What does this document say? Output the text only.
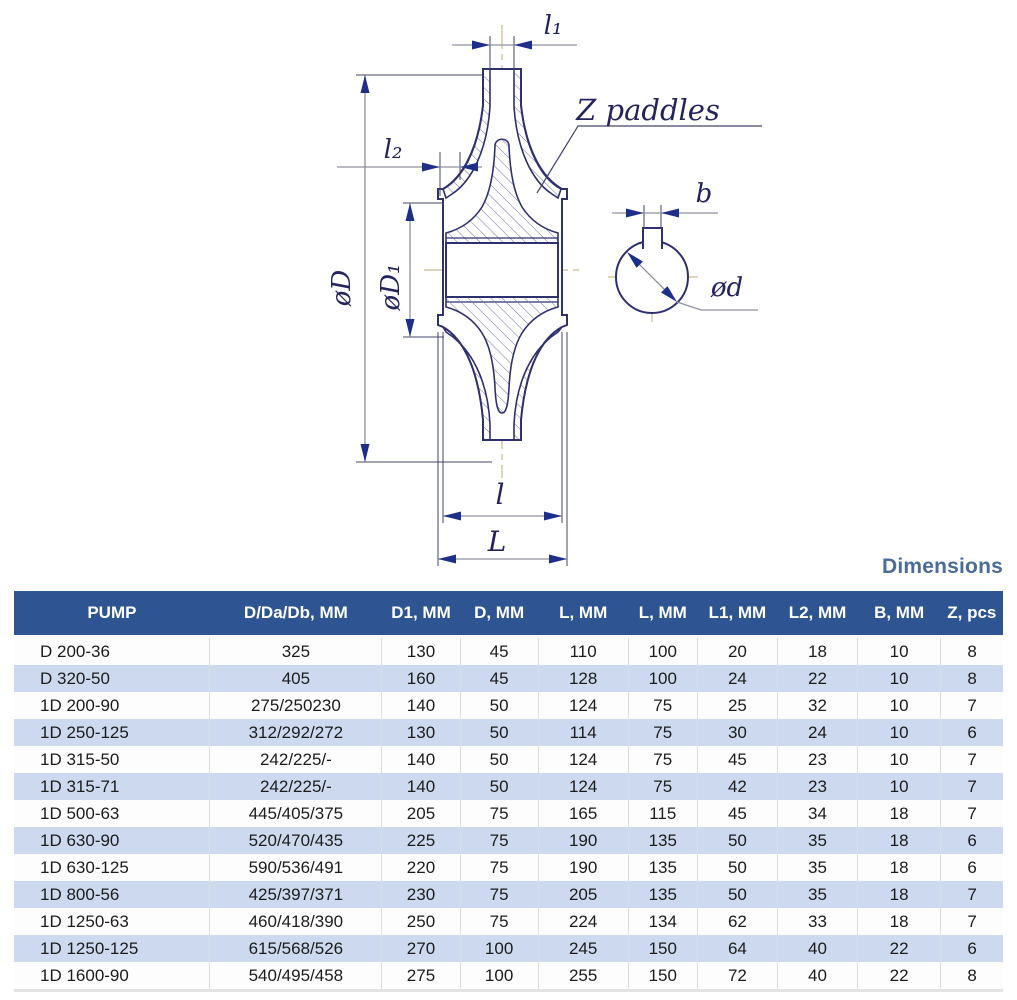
l₁
l₂
øD øD₁
Z paddles
b
ød
l
L
Dimensions
PUMP	D/Da/Db, MM	D1, MM	D, MM	L, MM	L, MM	L1, MM	L2, MM	B, MM	Z, pcs
D 200-36	325	130	45	110	100	20	18	10	8
D 320-50	405	160	45	128	100	24	22	10	8
1D 200-90	275/250230	140	50	124	75	25	32	10	7
1D 250-125	312/292/272	130	50	114	75	30	24	10	6
1D 315-50	242/225/-	140	50	124	75	45	23	10	7
1D 315-71	242/225/-	140	50	124	75	42	23	10	7
1D 500-63	445/405/375	205	75	165	115	45	34	18	7
1D 630-90	520/470/435	225	75	190	135	50	35	18	6
1D 630-125	590/536/491	220	75	190	135	50	35	18	6
1D 800-56	425/397/371	230	75	205	135	50	35	18	7
1D 1250-63	460/418/390	250	75	224	134	62	33	18	7
1D 1250-125	615/568/526	270	100	245	150	64	40	22	6
1D 1600-90	540/495/458	275	100	255	150	72	40	22	8
